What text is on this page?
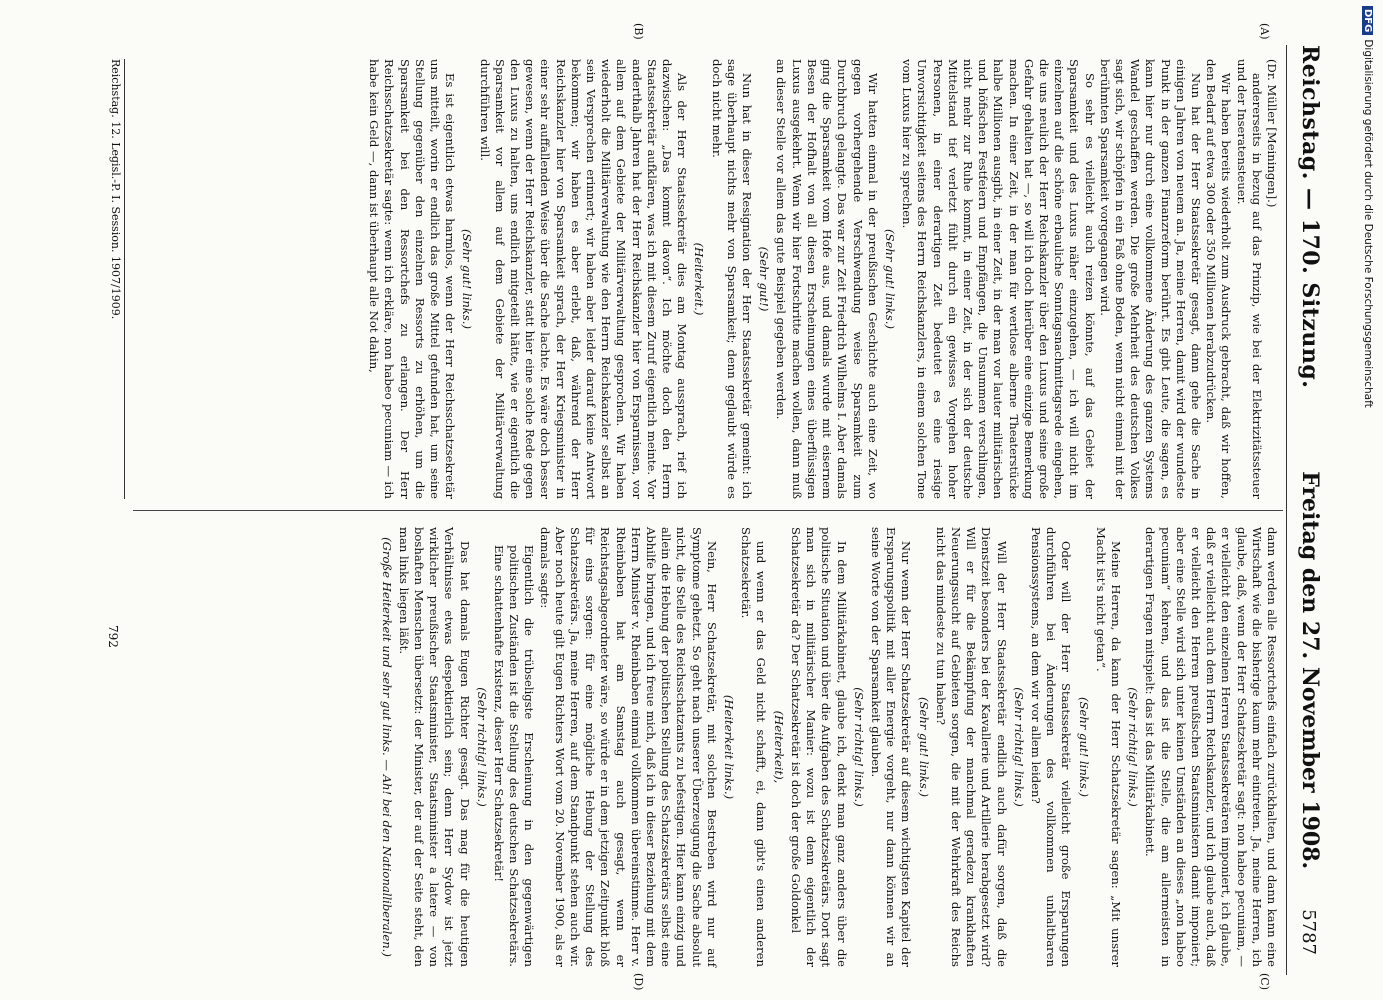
Reichstag. — 170. Sitzung.
Freitag den 27. November 1908.5787
(A)
(B)
(C)
(D)

(Dr. Müller [Meiningen].)

andererseits in bezug auf das Prinzip, wie bei der Elektrizitätssteuer und der Inseratensteuer.

Wir haben bereits wiederholt zum Ausdruck gebracht, daß wir hoffen, den Bedarf auf etwa 300 oder 350 Millionen herabzudrücken.

Nun hat der Herr Staatssekretär gesagt, dann gehe die Sache in einigen Jahren von neuem an. Ja, meine Herren, damit wird der wundeste Punkt in der ganzen Finanzreform berührt. Es gibt Leute, die sagen, es kann hier nur durch eine vollkommene Änderung des ganzen Systems Wandel geschaffen werden. Die große Mehrheit des deutschen Volkes sagt sich, wir schöpfen in ein Faß ohne Boden, wenn nicht einmal mit der berühmten Sparsamkeit vorgegangen wird.

So sehr es vielleicht auch reizen könnte, auf das Gebiet der Sparsamkeit und des Luxus näher einzugehen, — ich will nicht im einzelnen auf die schöne erbauliche Sonntagsnachmittagsrede eingehen, die uns neulich der Herr Reichskanzler über den Luxus und seine große Gefahr gehalten hat —, so will ich doch hierüber eine einzige Bemerkung machen. In einer Zeit, in der man für wertlose alberne Theaterstücke halbe Millionen ausgibt, in einer Zeit, in der man vor lauter militärischen und höfischen Festfeiern und Empfängen, die Unsummen verschlingen, nicht mehr zur Ruhe kommt, in einer Zeit, in der sich der deutsche Mittelstand tief verletzt fühlt durch ein gewisses Vorgehen hoher Personen, in einer derartigen Zeit bedeutet es eine riesige Unvorsichtigkeit seitens des Herrn Reichskanzlers, in einem solchen Tone vom Luxus hier zu sprechen.

(Sehr gut! links.)

Wir hatten einmal in der preußischen Geschichte auch eine Zeit, wo gegen vorhergehende Verschwendung weise Sparsamkeit zum Durchbruch gelangte. Das war zur Zeit Friedrich Wilhelms I. Aber damals ging die Sparsamkeit vom Hofe aus, und damals wurde mit eisernem Besen der Hofhalt von all diesen Erscheinungen eines überflüssigen Luxus ausgekehrt. Wenn wir hier Fortschritte machen wollen, dann muß an dieser Stelle vor allem das gute Beispiel gegeben werden.

(Sehr gut!)

Nun hat in dieser Resignation der Herr Staatssekretär gemeint: ich sage überhaupt nichts mehr von Sparsamkeit; denn geglaubt würde es doch nicht mehr.

(Heiterkeit.)

Als der Herr Staatssekretär dies am Montag aussprach, rief ich dazwischen: „Das kommt davon“. Ich möchte doch den Herrn Staatssekretär aufklären, was ich mit diesem Zuruf eigentlich meinte. Vor anderthalb Jahren hat der Herr Reichskanzler hier von Ersparnissen, vor allem auf dem Gebiete der Militärverwaltung gesprochen. Wir haben wiederholt die Militärverwaltung wie den Herrn Reichskanzler selbst an sein Versprechen erinnert; wir haben aber leider darauf keine Antwort bekommen; wir haben es aber erlebt, daß, während der Herr Reichskanzler hier von Sparsamkeit sprach, der Herr Kriegsminister in einer sehr auffallenden Weise über die Sache lachte. Es wäre doch besser gewesen, wenn der Herr Reichskanzler, statt hier eine solche Rede gegen den Luxus zu halten, uns endlich mitgeteilt hätte, wie er eigentlich die Sparsamkeit vor allem auf dem Gebiete der Militärverwaltung durchführen will.

(Sehr gut! links.)

Es ist eigentlich etwas harmlos, wenn der Herr Reichsschatzsekretär uns mitteilt, worin er endlich das große Mittel gefunden hat, um seine Stellung gegenüber den einzelnen Ressorts zu erhöhen, um die Sparsamkeit bei den Ressortchefs zu erlangen. Der Herr Reichsschatzsekretär sagte: wenn ich erkläre, non habeo pecuniam — ich habe kein Geld —, dann ist überhaupt alle Not dahin,

dann werden alle Ressortchefs einfach zurückhalten, und dann kann eine Wirtschaft wie die bisherige kaum mehr eintreten. Ja, meine Herren, ich glaube, daß, wenn der Herr Schatzsekretär sagt: non habeo pecuniam, — er vielleicht den einzelnen Herren Staatssekretären imponiert, ich glaube, daß er vielleicht auch dem Herrn Reichskanzler, und ich glaube auch, daß er vielleicht den Herren preußischen Staatsministern damit imponiert; aber eine Stelle wird sich unter keinen Umständen an dieses „non habeo pecuniam“ kehren, und das ist die Stelle, die am allermeisten in derartigen Fragen mitspielt: das ist das Militärkabinett.

(Sehr richtig! links.)

Meine Herren, da kann der Herr Schatzsekretär sagen: „Mit unsrer Macht ist's nicht getan“.

(Sehr gut! links.)

Oder will der Herr Staatssekretär vielleicht große Ersparungen durchführen bei Änderungen des vollkommen unhaltbaren Pensionssystems, an dem wir vor allem leiden?

(Sehr richtig! links.)

Will der Herr Staatssekretär endlich auch dafür sorgen, daß die Dienstzeit besonders bei der Kavallerie und Artillerie herabgesetzt wird? Will er für die Bekämpfung der manchmal geradezu krankhaften Neuerungssucht auf Gebieten sorgen, die mit der Wehrkraft des Reichs nicht das mindeste zu tun haben?

(Sehr gut! links.)

Nur wenn der Herr Schatzsekretär auf diesem wichtigsten Kapitel der Ersparungspolitik mit aller Energie vorgeht, nur dann können wir an seine Worte von der Sparsamkeit glauben.

(Sehr richtig! links.)

In dem Militärkabinett, glaube ich, denkt man ganz anders über die politische Situation und über die Aufgaben des Schatzsekretärs. Dort sagt man sich in militärischer Manier: wozu ist denn eigentlich der Schatzsekretär da? Der Schatzsekretär ist doch der große Goldonkel

(Heiterkeit),

und wenn er das Geld nicht schafft, ei, dann gibt's einen anderen Schatzsekretär.

(Heiterkeit links.)

Nein, Herr Schatzsekretär, mit solchen Bestreben wird nur auf Symptome gehetzt. So geht nach unserer Überzeugung die Sache absolut nicht, die Stelle des Reichsschatzamts zu befestigen. Hier kann einzig und allein die Hebung der politischen Stellung des Schatzsekretärs selbst eine Abhilfe bringen, und ich freue mich, daß ich in dieser Beziehung mit dem Herrn Minister v. Rheinbaben einmal vollkommen übereinstimme. Herr v. Rheinbaben hat am Samstag auch gesagt, wenn er Reichstagsabgeordneter wäre, so würde er in dem jetzigen Zeitpunkt bloß für eins sorgen: für eine mögliche Hebung der Stellung des Schatzsekretärs. Ja, meine Herren, auf dem Standpunkt stehen auch wir. Aber noch heute gilt Eugen Richters Wort vom 20. November 1900, als er damals sagte:

Eigentlich die trübseligste Erscheinung in den gegenwärtigen politischen Zuständen ist die Stellung des deutschen Schatzsekretärs. Eine schattenhafte Existenz, dieser Herr Schatzsekretär!

(Sehr richtig! links.)

Das hat damals Eugen Richter gesagt. Das mag für die heutigen Verhältnisse etwas despektierlich sein; denn Herr Sydow ist jetzt wirklicher preußischer Staatsminister, Staatsminister a latere — von boshaften Menschen übersetzt: der Minister, der auf der Seite steht, den man links liegen läßt.

(Große Heiterkeit und sehr gut links. — Ah! bei den Nationalliberalen.)

Reichstag. 12. Legisl.-P. I. Session. 1907/1909.
792
DFGDigitalisierung gefördert durch die Deutsche Forschungsgemeinschaft
